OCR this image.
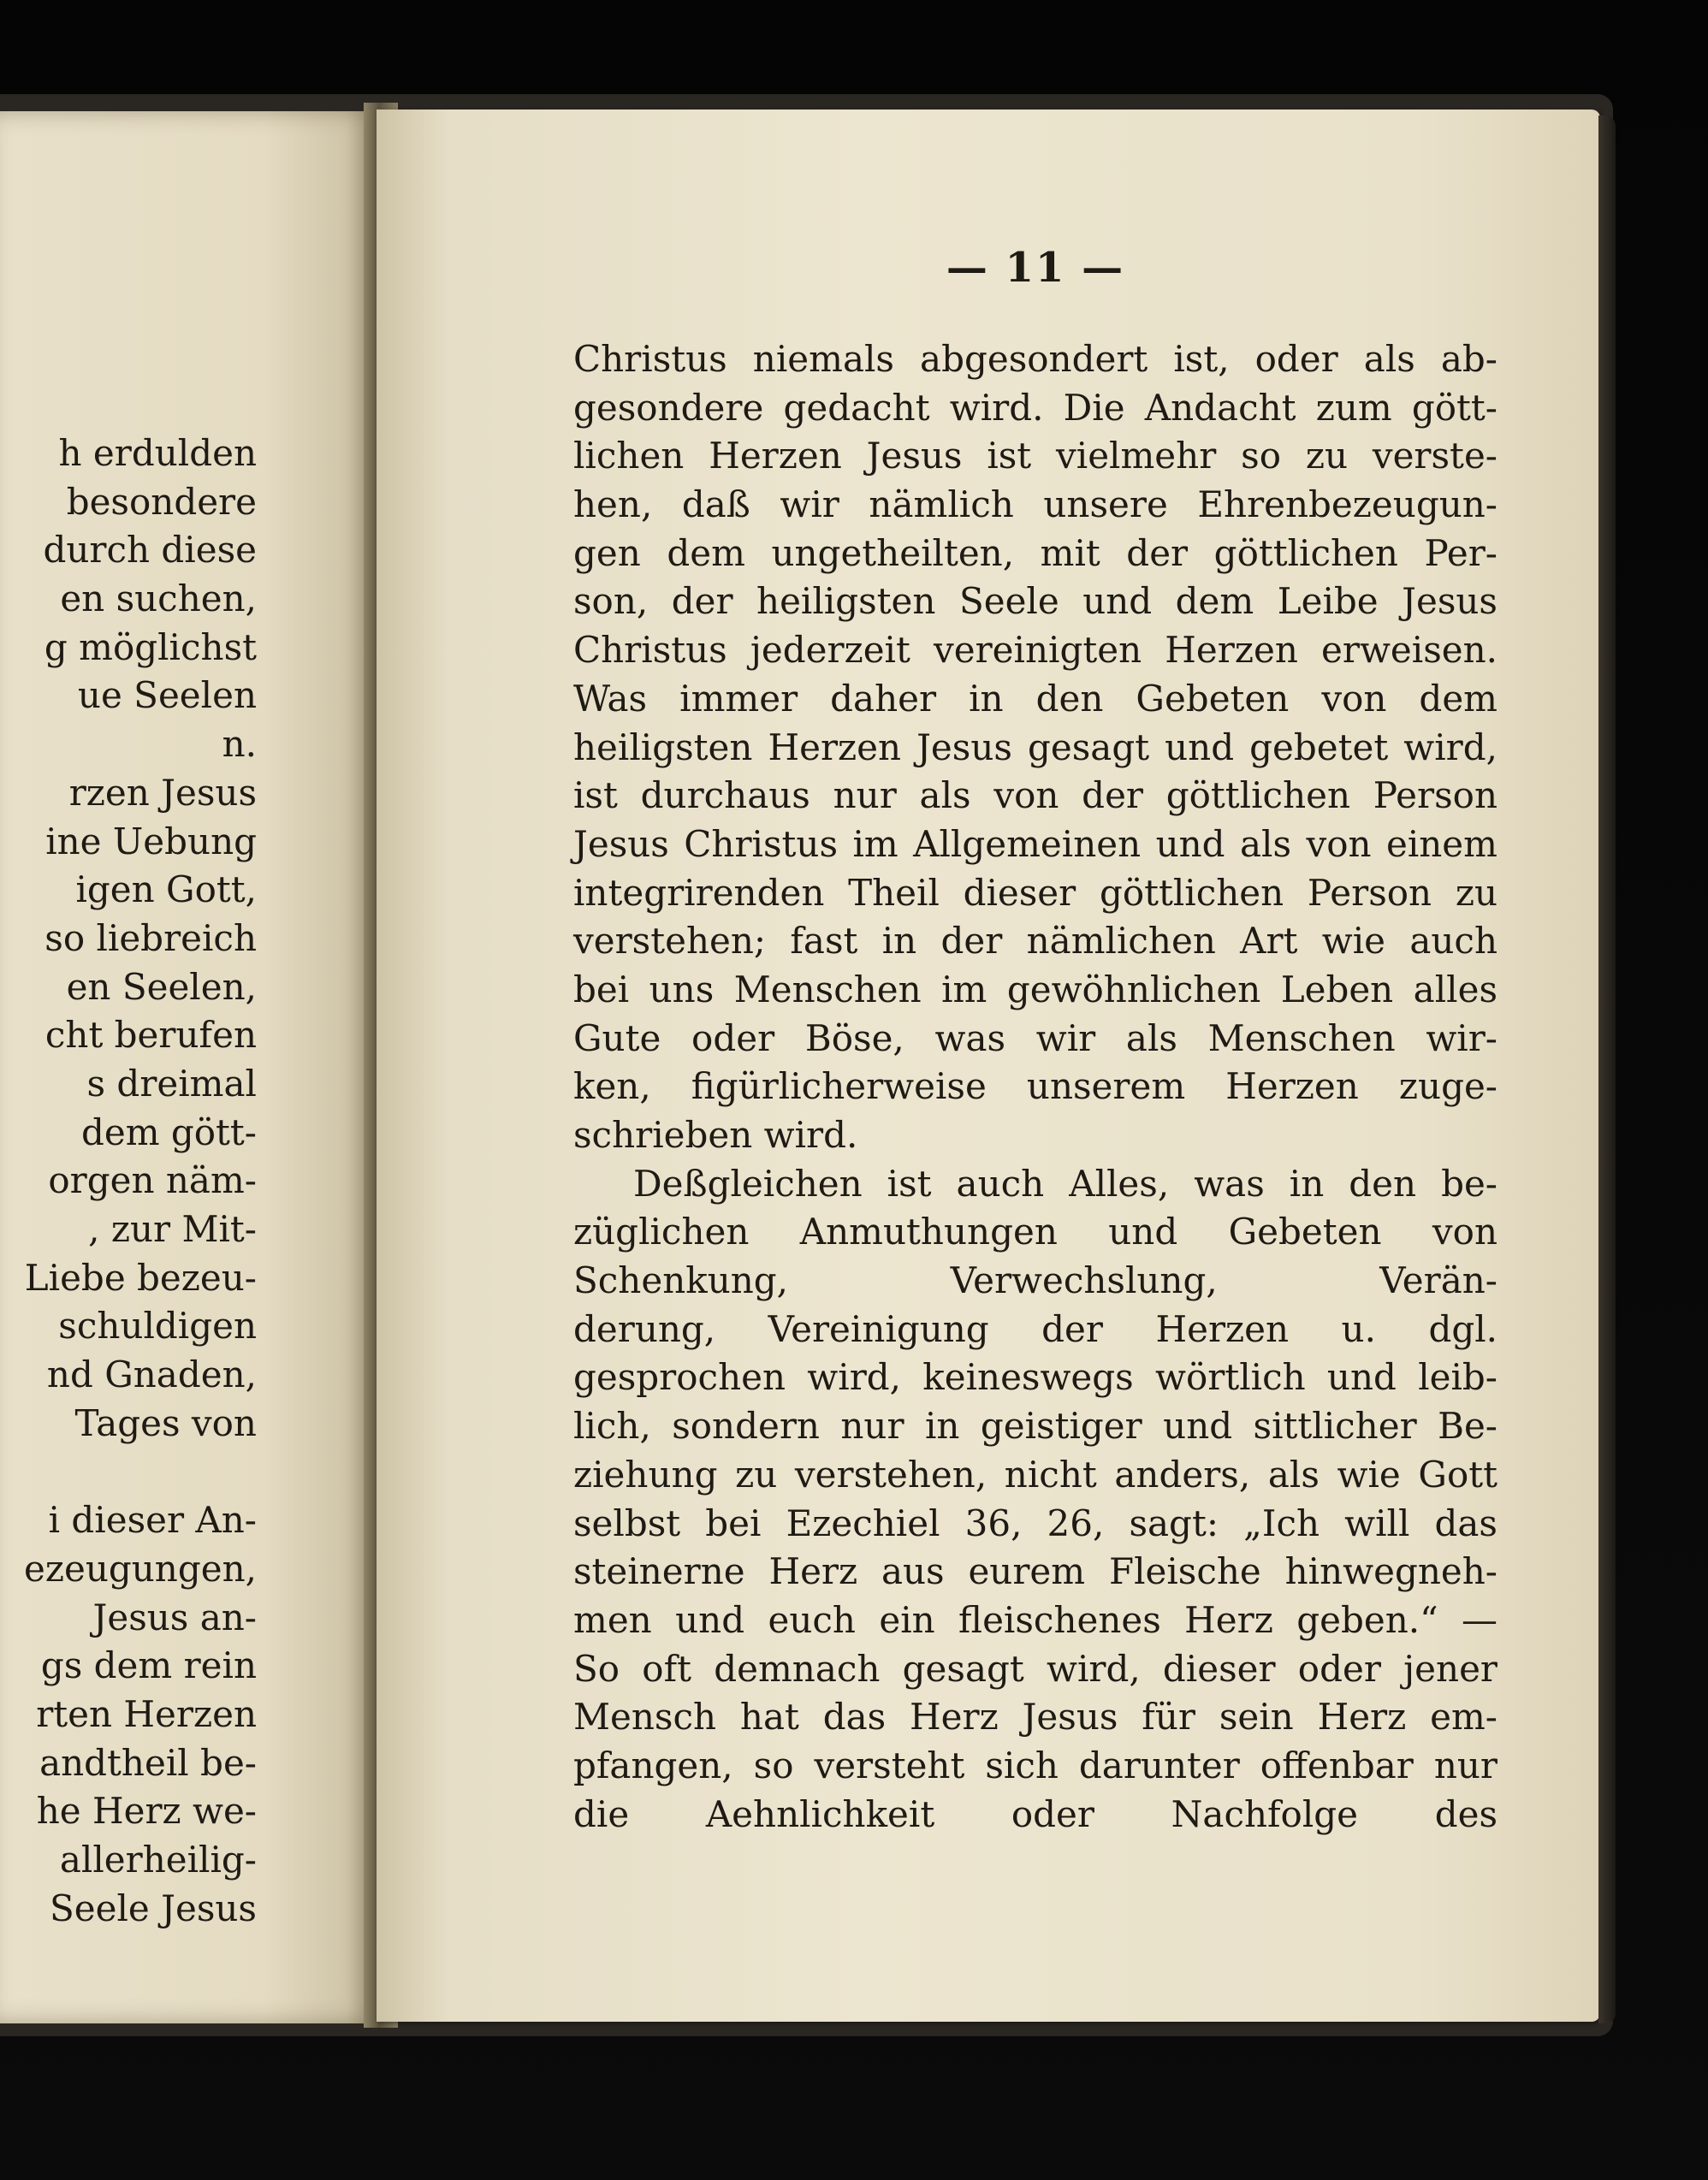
h erdulden
besondere
durch diese
en suchen,
g möglichst
ue Seelen
n.
rzen Jesus
ine Uebung
igen Gott,
so liebreich
en Seelen,
cht berufen
s dreimal
dem gött-
orgen näm-
, zur Mit-
Liebe bezeu-
schuldigen
nd Gnaden,
Tages von
i dieser An-
ezeugungen,
Jesus an-
gs dem rein
rten Herzen
andtheil be-
he Herz we-
allerheilig-
Seele Jesus
— 11 —
Christus niemals abgesondert ist, oder als ab-
gesondere gedacht wird. Die Andacht zum gött-
lichen Herzen Jesus ist vielmehr so zu verste-
hen, daß wir nämlich unsere Ehrenbezeugun-
gen dem ungetheilten, mit der göttlichen Per-
son, der heiligsten Seele und dem Leibe Jesus
Christus jederzeit vereinigten Herzen erweisen.
Was immer daher in den Gebeten von dem
heiligsten Herzen Jesus gesagt und gebetet wird,
ist durchaus nur als von der göttlichen Person
Jesus Christus im Allgemeinen und als von einem
integrirenden Theil dieser göttlichen Person zu
verstehen; fast in der nämlichen Art wie auch
bei uns Menschen im gewöhnlichen Leben alles
Gute oder Böse, was wir als Menschen wir-
ken, figürlicherweise unserem Herzen zuge-
schrieben wird.
Deßgleichen ist auch Alles, was in den be-
züglichen Anmuthungen und Gebeten von
Schenkung, Verwechslung, Verän-
derung, Vereinigung der Herzen u. dgl.
gesprochen wird, keineswegs wörtlich und leib-
lich, sondern nur in geistiger und sittlicher Be-
ziehung zu verstehen, nicht anders, als wie Gott
selbst bei Ezechiel 36, 26, sagt: „Ich will das
steinerne Herz aus eurem Fleische hinwegneh-
men und euch ein fleischenes Herz geben.“ —
So oft demnach gesagt wird, dieser oder jener
Mensch hat das Herz Jesus für sein Herz em-
pfangen, so versteht sich darunter offenbar nur
die Aehnlichkeit oder Nachfolge des
